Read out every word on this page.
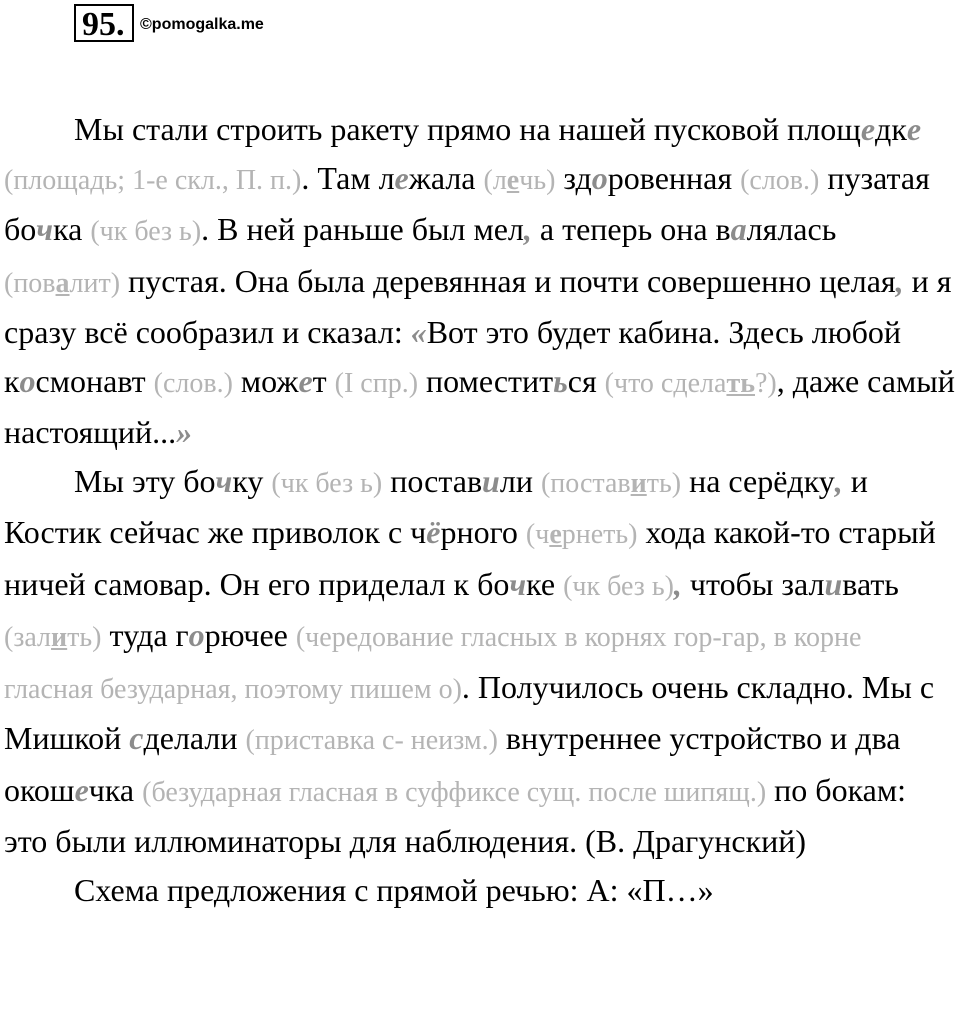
95. ©pomogalka.me

Мы стали строить ракету прямо на нашей пусковой площедке (площадь; 1-е скл., П. п.). Там лежала (лечь) здоровенная (слов.) пузатая бочка (чк без ь). В ней раньше был мел, а теперь она валялась (повалит) пустая. Она была деревянная и почти совершенно целая, и я сразу всё сообразил и сказал: «Вот это будет кабина. Здесь любой космонавт (слов.) может (I спр.) поместиться (что сделать?), даже самый настоящий...»

Мы эту бочку (чк без ь) поставили (поставить) на серёдку, и Костик сейчас же приволок с чёрного (чернеть) хода какой-то старый ничей самовар. Он его приделал к бочке (чк без ь), чтобы заливать (залить) туда горючее (чередование гласных в корнях гор-гар, в корне гласная безударная, поэтому пишем о). Получилось очень складно. Мы с Мишкой сделали (приставка с- неизм.) внутреннее устройство и два окошечка (безударная гласная в суффиксе сущ. после шипящ.) по бокам: это были иллюминаторы для наблюдения. (В. Драгунский)

Схема предложения с прямой речью: А: «П…»
